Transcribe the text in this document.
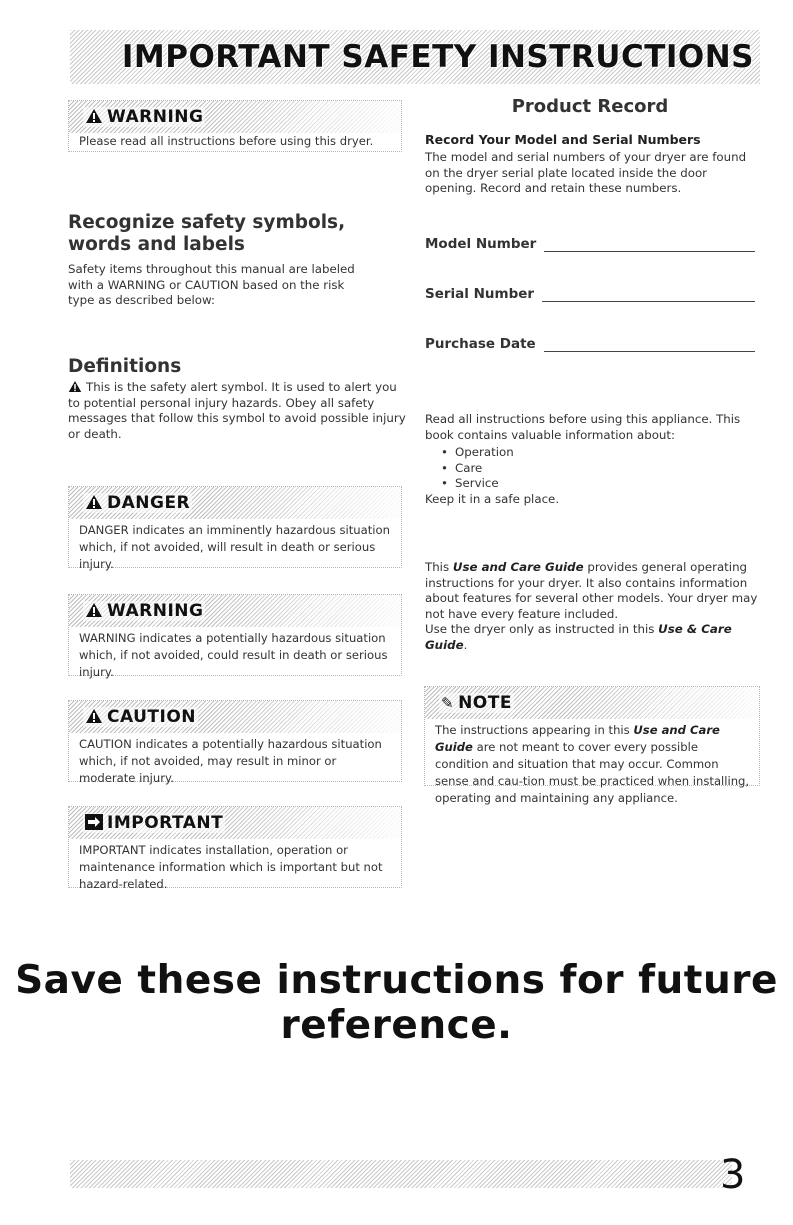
IMPORTANT SAFETY INSTRUCTIONS
WARNING
Please read all instructions before using this dryer.
Recognize safety symbols, words and labels
Safety items throughout this manual are labeled with a WARNING or CAUTION based on the risk type as described below:
Definitions
This is the safety alert symbol. It is used to alert you to potential personal injury hazards. Obey all safety messages that follow this symbol to avoid possible injury or death.
DANGER
DANGER indicates an imminently hazardous situation which, if not avoided, will result in death or serious injury.
WARNING
WARNING indicates a potentially hazardous situation which, if not avoided, could result in death or serious injury.
CAUTION
CAUTION indicates a potentially hazardous situation which, if not avoided, may result in minor or moderate injury.
IMPORTANT
IMPORTANT indicates installation, operation or maintenance information which is important but not hazard-related.
Product Record
Record Your Model and Serial Numbers
The model and serial numbers of your dryer are found on the dryer serial plate located inside the door opening. Record and retain these numbers.
Model Number
Serial Number
Purchase Date
Read all instructions before using this appliance. This book contains valuable information about:
• Operation
• Care
• Service
Keep it in a safe place.
This Use and Care Guide provides general operating instructions for your dryer. It also contains information about features for several other models. Your dryer may not have every feature included.
Use the dryer only as instructed in this Use & Care
Guide.
✎ NOTE
The instructions appearing in this Use and Care
Guide are not meant to cover every possible condition and situation that may occur. Common sense and cau-tion must be practiced when installing, operating and maintaining any appliance.
Save these instructions for future reference.
3
